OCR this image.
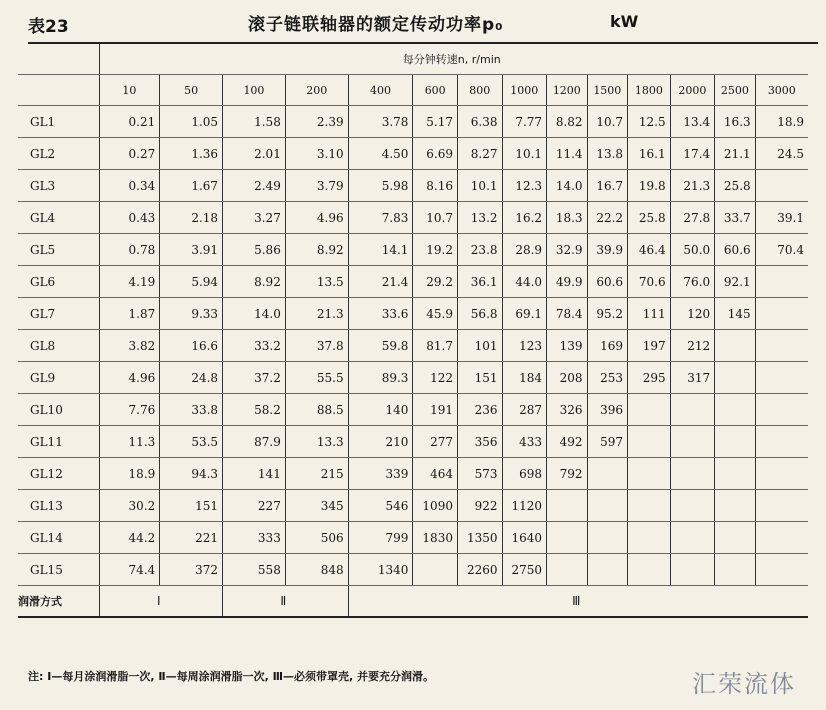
表23	滚子链联轴器的额定传动功率p₀	kW
	每分钟转速n, r/min													
	10	50	100	200	400	600	800	1000	1200	1500	1800	2000	2500	3000
GL1	0.21	1.05	1.58	2.39	3.78	5.17	6.38	7.77	8.82	10.7	12.5	13.4	16.3	18.9
GL2	0.27	1.36	2.01	3.10	4.50	6.69	8.27	10.1	11.4	13.8	16.1	17.4	21.1	24.5
GL3	0.34	1.67	2.49	3.79	5.98	8.16	10.1	12.3	14.0	16.7	19.8	21.3	25.8	
GL4	0.43	2.18	3.27	4.96	7.83	10.7	13.2	16.2	18.3	22.2	25.8	27.8	33.7	39.1
GL5	0.78	3.91	5.86	8.92	14.1	19.2	23.8	28.9	32.9	39.9	46.4	50.0	60.6	70.4
GL6	4.19	5.94	8.92	13.5	21.4	29.2	36.1	44.0	49.9	60.6	70.6	76.0	92.1	
GL7	1.87	9.33	14.0	21.3	33.6	45.9	56.8	69.1	78.4	95.2	111	120	145	
GL8	3.82	16.6	33.2	37.8	59.8	81.7	101	123	139	169	197	212		
GL9	4.96	24.8	37.2	55.5	89.3	122	151	184	208	253	295	317		
GL10	7.76	33.8	58.2	88.5	140	191	236	287	326	396				
GL11	11.3	53.5	87.9	13.3	210	277	356	433	492	597				
GL12	18.9	94.3	141	215	339	464	573	698	792					
GL13	30.2	151	227	345	546	1090	922	1120						
GL14	44.2	221	333	506	799	1830	1350	1640						
GL15	74.4	372	558	848	1340		2260	2750						
润滑方式	I		Ⅱ		Ⅲ									
注: I—每月涂润滑脂一次, Ⅱ—每周涂润滑脂一次, Ⅲ—必须带罩壳, 并要充分润滑。	汇荣流体
